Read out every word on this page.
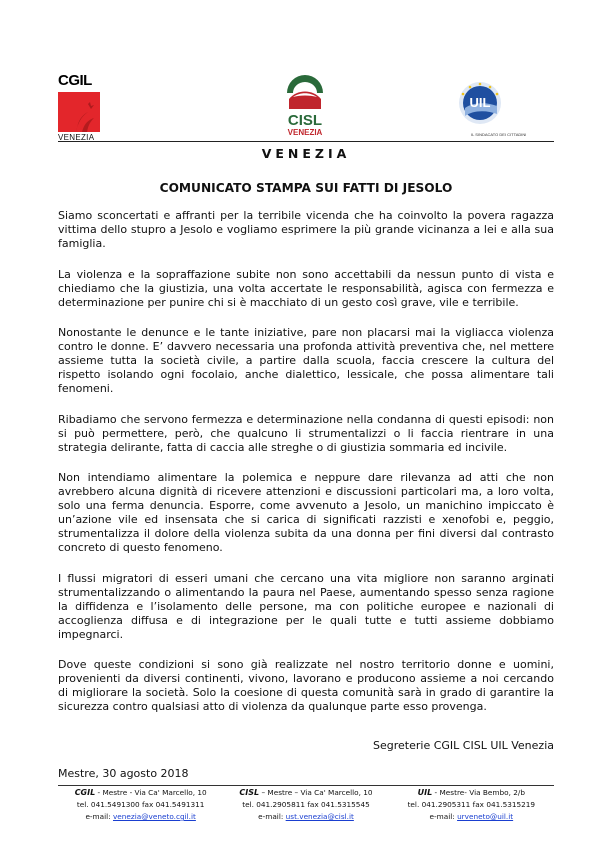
CGIL
VENEZIA
CISL
VENEZIA
UIL
IL SINDACATO DEI CITTADINI
VENEZIA
COMUNICATO STAMPA SUI FATTI DI JESOLO

Siamo sconcertati e affranti per la terribile vicenda che ha coinvolto la povera ragazza vittima dello stupro a Jesolo e vogliamo esprimere la più grande vicinanza a lei e alla sua famiglia.

La violenza e la sopraffazione subite non sono accettabili da nessun punto di vista e chiediamo che la giustizia, una volta accertate le responsabilità, agisca con fermezza e determinazione per punire chi si è macchiato di un gesto così grave, vile e terribile.

Nonostante le denunce e le tante iniziative, pare non placarsi mai la vigliacca violenza contro le donne. E’ davvero necessaria una profonda attività preventiva che, nel mettere assieme tutta la società civile, a partire dalla scuola, faccia crescere la cultura del rispetto isolando ogni focolaio, anche dialettico, lessicale, che possa alimentare tali fenomeni.

Ribadiamo che servono fermezza e determinazione nella condanna di questi episodi: non si può permettere, però, che qualcuno li strumentalizzi o li faccia rientrare in una strategia delirante, fatta di caccia alle streghe o di giustizia sommaria ed incivile.

Non intendiamo alimentare la polemica e neppure dare rilevanza ad atti che non avrebbero alcuna dignità di ricevere attenzioni e discussioni particolari ma, a loro volta, solo una ferma denuncia. Esporre, come avvenuto a Jesolo, un manichino impiccato è un’azione vile ed insensata che si carica di significati razzisti e xenofobi e, peggio, strumentalizza il dolore della violenza subita da una donna per fini diversi dal contrasto concreto di questo fenomeno.

I flussi migratori di esseri umani che cercano una vita migliore non saranno arginati strumentalizzando o alimentando la paura nel Paese, aumentando spesso senza ragione la diffidenza e l’isolamento delle persone, ma con politiche europee e nazionali di accoglienza diffusa e di integrazione per le quali tutte e tutti assieme dobbiamo impegnarci.

Dove queste condizioni si sono già realizzate nel nostro territorio donne e uomini, provenienti da diversi continenti, vivono, lavorano e producono assieme a noi cercando di migliorare la società. Solo la coesione di questa comunità sarà in grado di garantire la sicurezza contro qualsiasi atto di violenza da qualunque parte esso provenga.

Segreterie CGIL CISL UIL Venezia
Mestre, 30 agosto 2018
CGIL - Mestre - Via Ca' Marcello, 10
tel. 041.5491300 fax 041.5491311
e-mail: venezia@veneto.cgil.it
CISL – Mestre – Via Ca' Marcello, 10
tel. 041.2905811 fax 041.5315545
e-mail: ust.venezia@cisl.it
UIL - Mestre- Via Bembo, 2/b
tel. 041.2905311 fax 041.5315219
e-mail: urveneto@uil.it
